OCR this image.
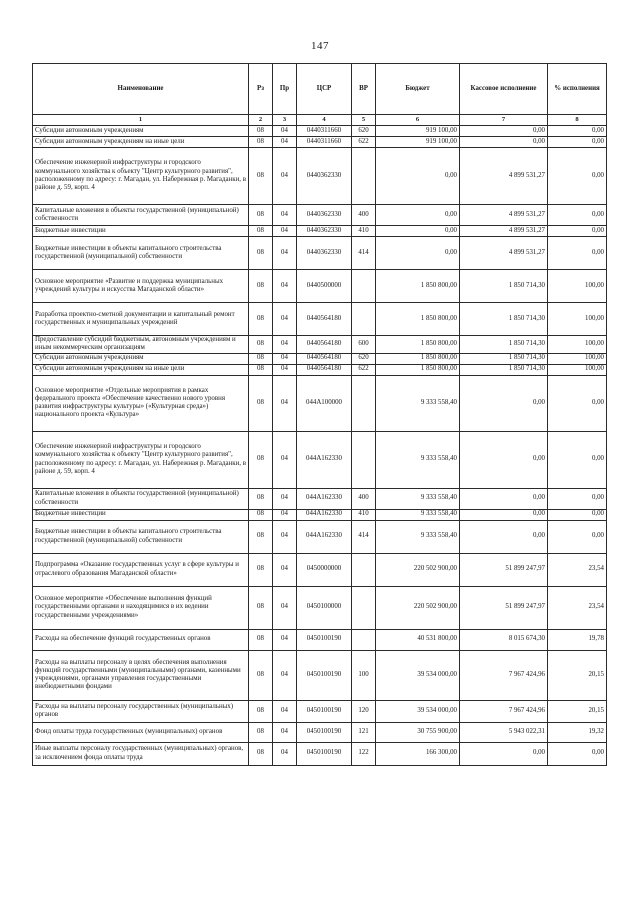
147
Наименование	Рз	Пр	ЦСР	ВР	Бюджет	Кассовое исполнение	% исполнения
1	2	3	4	5	6	7	8
Субсидии автономным учреждениям	08	04	0440311660	620	919 100,00	0,00	0,00
Субсидии автономным учреждениям на иные цели	08	04	0440311660	622	919 100,00	0,00	0,00
Обеспечение инженерной инфраструктуры и городского коммунального хозяйства к объекту "Центр культурного развития", расположенному по адресу: г. Магадан, ул. Набережная р. Магаданки, в районе д. 59, корп. 4	08	04	0440362330		0,00	4 899 531,27	0,00
Капитальные вложения в объекты государственной (муниципальной) собственности	08	04	0440362330	400	0,00	4 899 531,27	0,00
Бюджетные инвестиции	08	04	0440362330	410	0,00	4 899 531,27	0,00
Бюджетные инвестиции в объекты капитального строительства государственной (муниципальной) собственности	08	04	0440362330	414	0,00	4 899 531,27	0,00
Основное мероприятие «Развитие и поддержка муниципальных учреждений культуры и искусства Магаданской области»	08	04	0440500000		1 850 800,00	1 850 714,30	100,00
Разработка проектно-сметной документации и капитальный ремонт государственных и муниципальных учреждений	08	04	0440564180		1 850 800,00	1 850 714,30	100,00
Предоставление субсидий бюджетным, автономным учреждениям и иным некоммерческим организациям	08	04	0440564180	600	1 850 800,00	1 850 714,30	100,00
Субсидии автономным учреждениям	08	04	0440564180	620	1 850 800,00	1 850 714,30	100,00
Субсидии автономным учреждениям на иные цели	08	04	0440564180	622	1 850 800,00	1 850 714,30	100,00
Основное мероприятие «Отдельные мероприятия в рамках федерального проекта «Обеспечение качественно нового уровня развития инфраструктуры культуры» («Культурная среда») национального проекта «Культура»	08	04	044A100000		9 333 558,40	0,00	0,00
Обеспечение инженерной инфраструктуры и городского коммунального хозяйства к объекту "Центр культурного развития", расположенному по адресу: г. Магадан, ул. Набережная р. Магаданки, в районе д. 59, корп. 4	08	04	044A162330		9 333 558,40	0,00	0,00
Капитальные вложения в объекты государственной (муниципальной) собственности	08	04	044A162330	400	9 333 558,40	0,00	0,00
Бюджетные инвестиции	08	04	044A162330	410	9 333 558,40	0,00	0,00
Бюджетные инвестиции в объекты капитального строительства государственной (муниципальной) собственности	08	04	044A162330	414	9 333 558,40	0,00	0,00
Подпрограмма «Оказание государственных услуг в сфере культуры и отраслевого образования Магаданской области»	08	04	0450000000		220 502 900,00	51 899 247,97	23,54
Основное мероприятие «Обеспечение выполнения функций государственными органами и находящимися в их ведении государственными учреждениями»	08	04	0450100000		220 502 900,00	51 899 247,97	23,54
Расходы на обеспечение функций государственных органов	08	04	0450100190		40 531 800,00	8 015 674,30	19,78
Расходы на выплаты персоналу в целях обеспечения выполнения функций государственными (муниципальными) органами, казенными учреждениями, органами управления государственными внебюджетными фондами	08	04	0450100190	100	39 534 000,00	7 967 424,96	20,15
Расходы на выплаты персоналу государственных (муниципальных) органов	08	04	0450100190	120	39 534 000,00	7 967 424,96	20,15
Фонд оплаты труда государственных (муниципальных) органов	08	04	0450100190	121	30 755 900,00	5 943 022,31	19,32
Иные выплаты персоналу государственных (муниципальных) органов, за исключением фонда оплаты труда	08	04	0450100190	122	166 300,00	0,00	0,00
